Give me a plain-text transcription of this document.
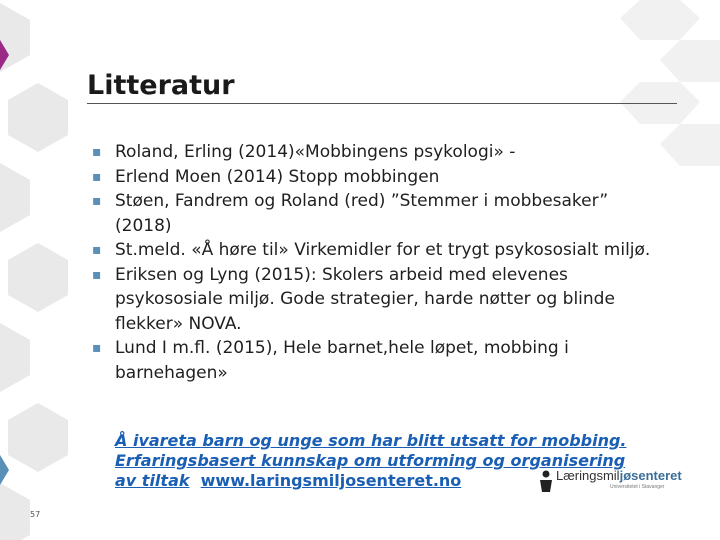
Litteratur
▪ Roland, Erling (2014)«Mobbingens psykologi» -
▪ Erlend Moen (2014) Stopp mobbingen
▪ Støen, Fandrem og Roland (red) ”Stemmer i mobbesaker” (2018)
▪ St.meld. «Å høre til» Virkemidler for et trygt psykososialt miljø.
▪ Eriksen og Lyng (2015): Skolers arbeid med elevenes psykososiale miljø. Gode strategier, harde nøtter og blinde flekker» NOVA.
▪ Lund I m.fl. (2015), Hele barnet,hele løpet, mobbing i barnehagen»
Læringsmiljøsenteret
Universitetet i Stavanger
Å ivareta barn og unge som har blitt utsatt for mobbing. Erfaringsbasert kunnskap om utforming og organisering av tiltak www.laringsmiljosenteret.no
57
